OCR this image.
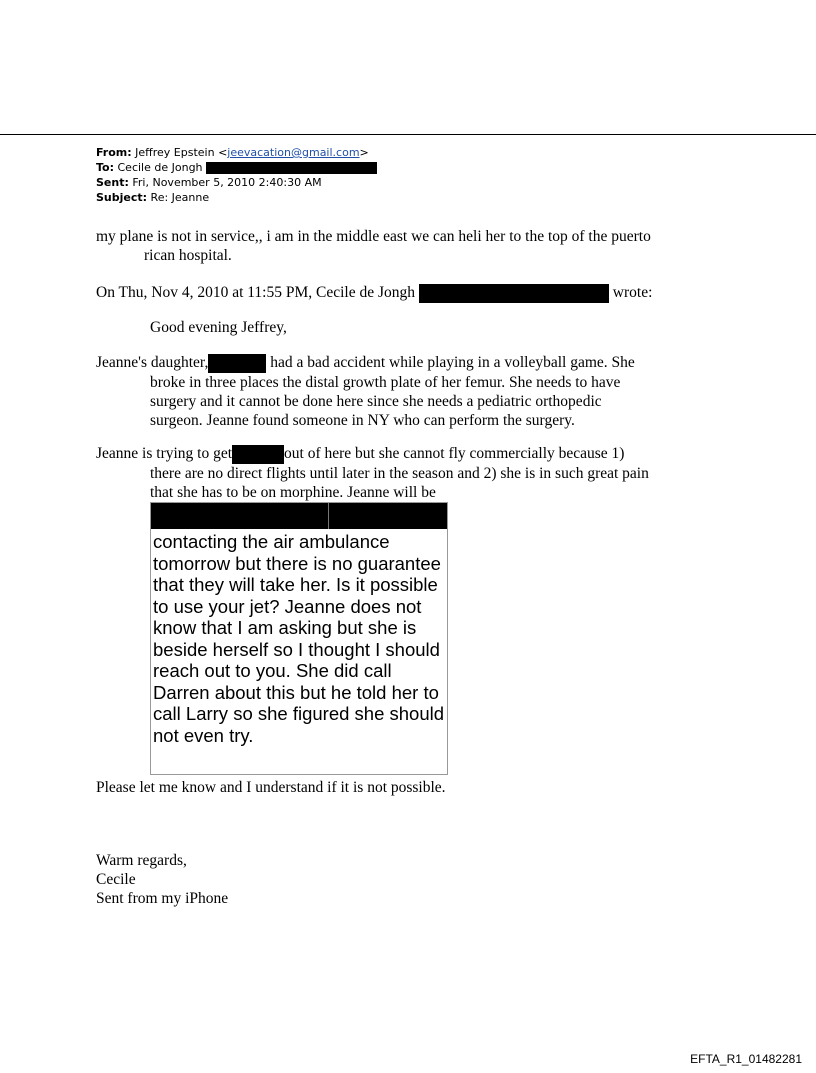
From: Jeffrey Epstein <jeevacation@gmail.com>
To: Cecile de Jongh
Sent: Fri, November 5, 2010 2:40:30 AM
Subject: Re: Jeanne
my plane is not in service,, i am in the middle east we can heli her to the top of the puerto
rican hospital.
On Thu, Nov 4, 2010 at 11:55 PM, Cecile de Jongh	wrote:
Good evening Jeffrey,
Jeanne's daughter,	had a bad accident while playing in a volleyball game. She
broke in three places the distal growth plate of her femur. She needs to have
surgery and it cannot be done here since she needs a pediatric orthopedic
surgeon. Jeanne found someone in NY who can perform the surgery.
Jeanne is trying to get	out of here but she cannot fly commercially because 1)
there are no direct flights until later in the season and 2) she is in such great pain
that she has to be on morphine. Jeanne will be
contacting the air ambulance
tomorrow but there is no guarantee
that they will take her. Is it possible
to use your jet? Jeanne does not
know that I am asking but she is
beside herself so I thought I should
reach out to you. She did call
Darren about this but he told her to
call Larry so she figured she should
not even try.
Please let me know and I understand if it is not possible.
Warm regards,
Cecile
Sent from my iPhone
EFTA_R1_01482281
